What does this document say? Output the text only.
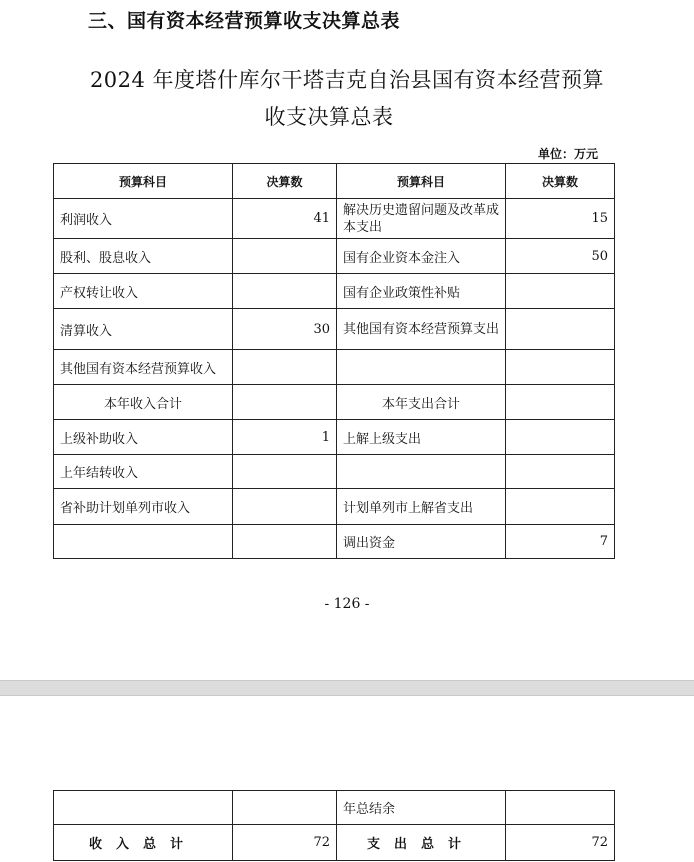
三、国有资本经营预算收支决算总表
2024 年度塔什库尔干塔吉克自治县国有资本经营预算
收支决算总表
单位：万元
预算科目	决算数	预算科目	决算数
利润收入	41	解决历史遗留问题及改革成本支出	15
股利、股息收入		国有企业资本金注入	50
产权转让收入		国有企业政策性补贴	
清算收入	30	其他国有资本经营预算支出	
其他国有资本经营预算收入			
本年收入合计		本年支出合计	
上级补助收入	1	上解上级支出	
上年结转收入			
省补助计划单列市收入		计划单列市上解省支出	
		调出资金	7
- 126 -
		年总结余	
收入总计	72	支出总计	72
